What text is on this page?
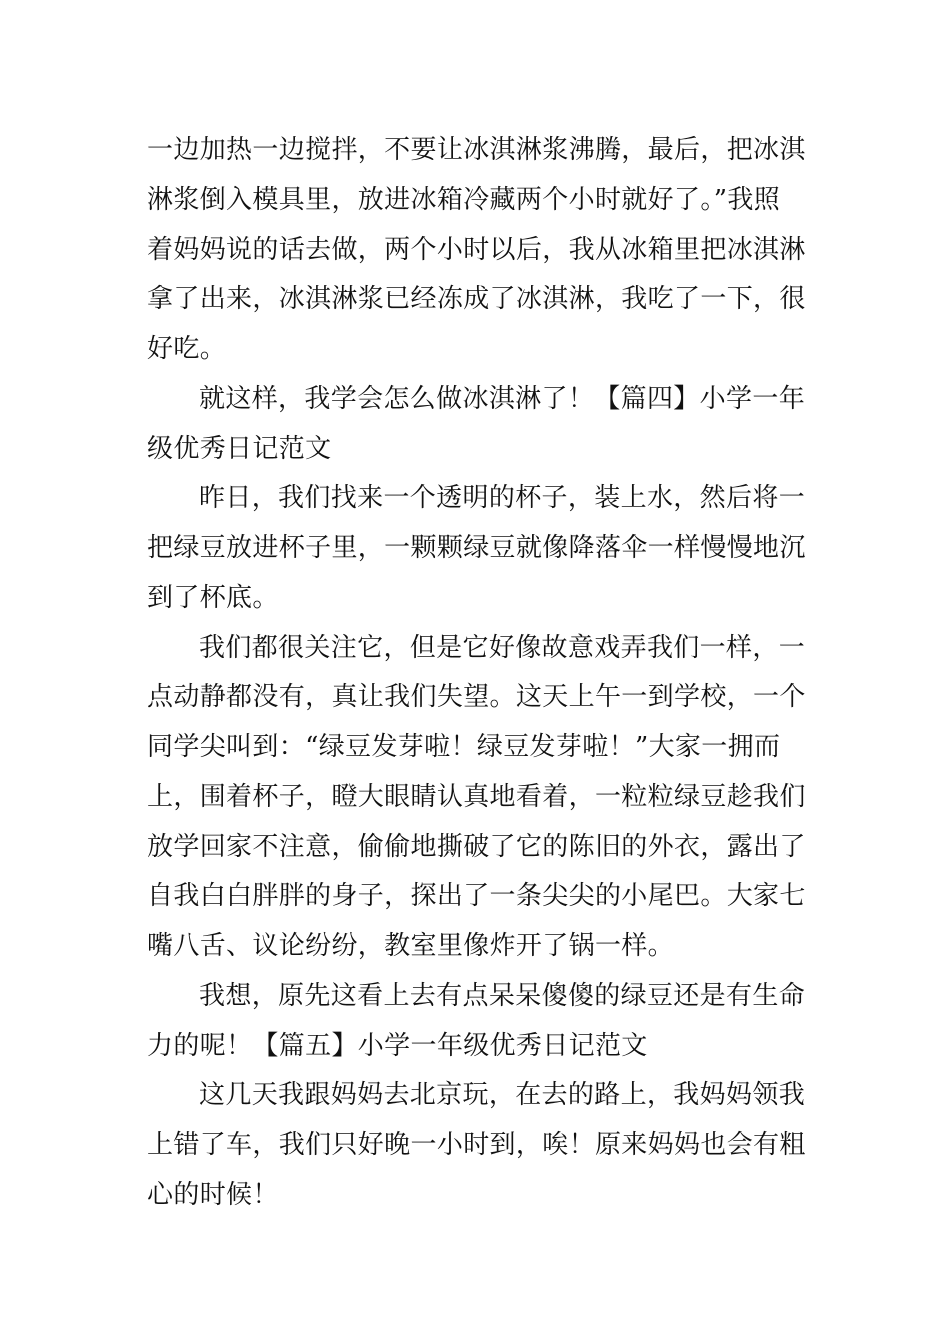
一边加热一边搅拌，不要让冰淇淋浆沸腾，最后，把冰淇
淋浆倒入模具里，放进冰箱冷藏两个小时就好了。”我照
着妈妈说的话去做，两个小时以后，我从冰箱里把冰淇淋
拿了出来，冰淇淋浆已经冻成了冰淇淋，我吃了一下，很
好吃。
就这样，我学会怎么做冰淇淋了！【篇四】小学一年
级优秀日记范文
昨日，我们找来一个透明的杯子，装上水，然后将一
把绿豆放进杯子里，一颗颗绿豆就像降落伞一样慢慢地沉
到了杯底。
我们都很关注它，但是它好像故意戏弄我们一样，一
点动静都没有，真让我们失望。这天上午一到学校，一个
同学尖叫到：“绿豆发芽啦！绿豆发芽啦！”大家一拥而
上，围着杯子，瞪大眼睛认真地看着，一粒粒绿豆趁我们
放学回家不注意，偷偷地撕破了它的陈旧的外衣，露出了
自我白白胖胖的身子，探出了一条尖尖的小尾巴。大家七
嘴八舌、议论纷纷，教室里像炸开了锅一样。
我想，原先这看上去有点呆呆傻傻的绿豆还是有生命
力的呢！【篇五】小学一年级优秀日记范文
这几天我跟妈妈去北京玩，在去的路上，我妈妈领我
上错了车，我们只好晚一小时到，唉！原来妈妈也会有粗
心的时候！
